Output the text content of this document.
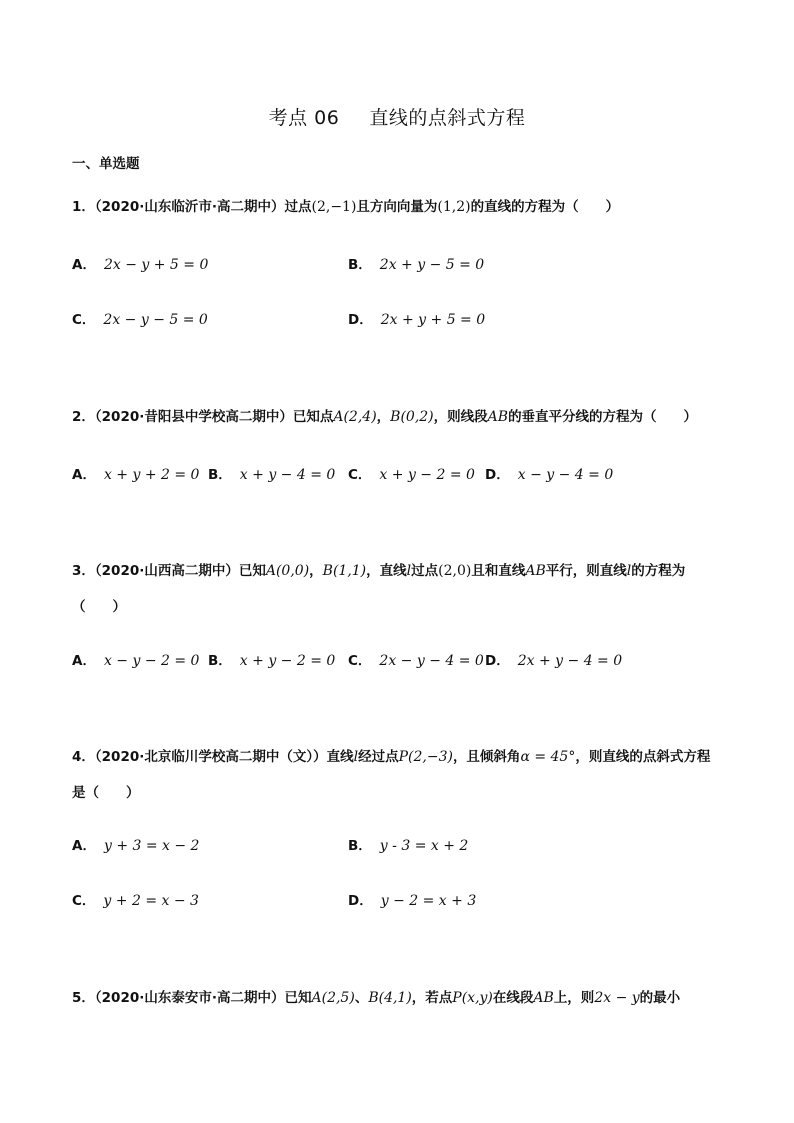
考点 06 直线的点斜式方程
一、单选题
1．（2020·山东临沂市·高二期中）过点(2,−1)且方向向量为(1,2)的直线的方程为（　　）
A． 2x − y + 5 = 0	B． 2x + y − 5 = 0
C． 2x − y − 5 = 0	D． 2x + y + 5 = 0
2．（2020·昔阳县中学校高二期中）已知点A(2,4)，B(0,2)，则线段AB的垂直平分线的方程为（　　）
A． x + y + 2 = 0 B． x + y − 4 = 0 C． x + y − 2 = 0 D． x − y − 4 = 0
3．（2020·山西高二期中）已知A(0,0)，B(1,1)，直线l过点(2,0)且和直线AB平行，则直线l的方程为
（　　）
A． x − y − 2 = 0 B． x + y − 2 = 0 C． 2x − y − 4 = 0 D． 2x + y − 4 = 0
4．（2020·北京临川学校高二期中（文））直线l经过点P(2,−3)，且倾斜角α = 45°，则直线的点斜式方程
是（　　）
A． y + 3 = x − 2	B． y - 3 = x + 2
C． y + 2 = x − 3	D． y − 2 = x + 3
5．（2020·山东泰安市·高二期中）已知A(2,5)、B(4,1)，若点P(x,y)在线段AB上，则2x − y的最小
